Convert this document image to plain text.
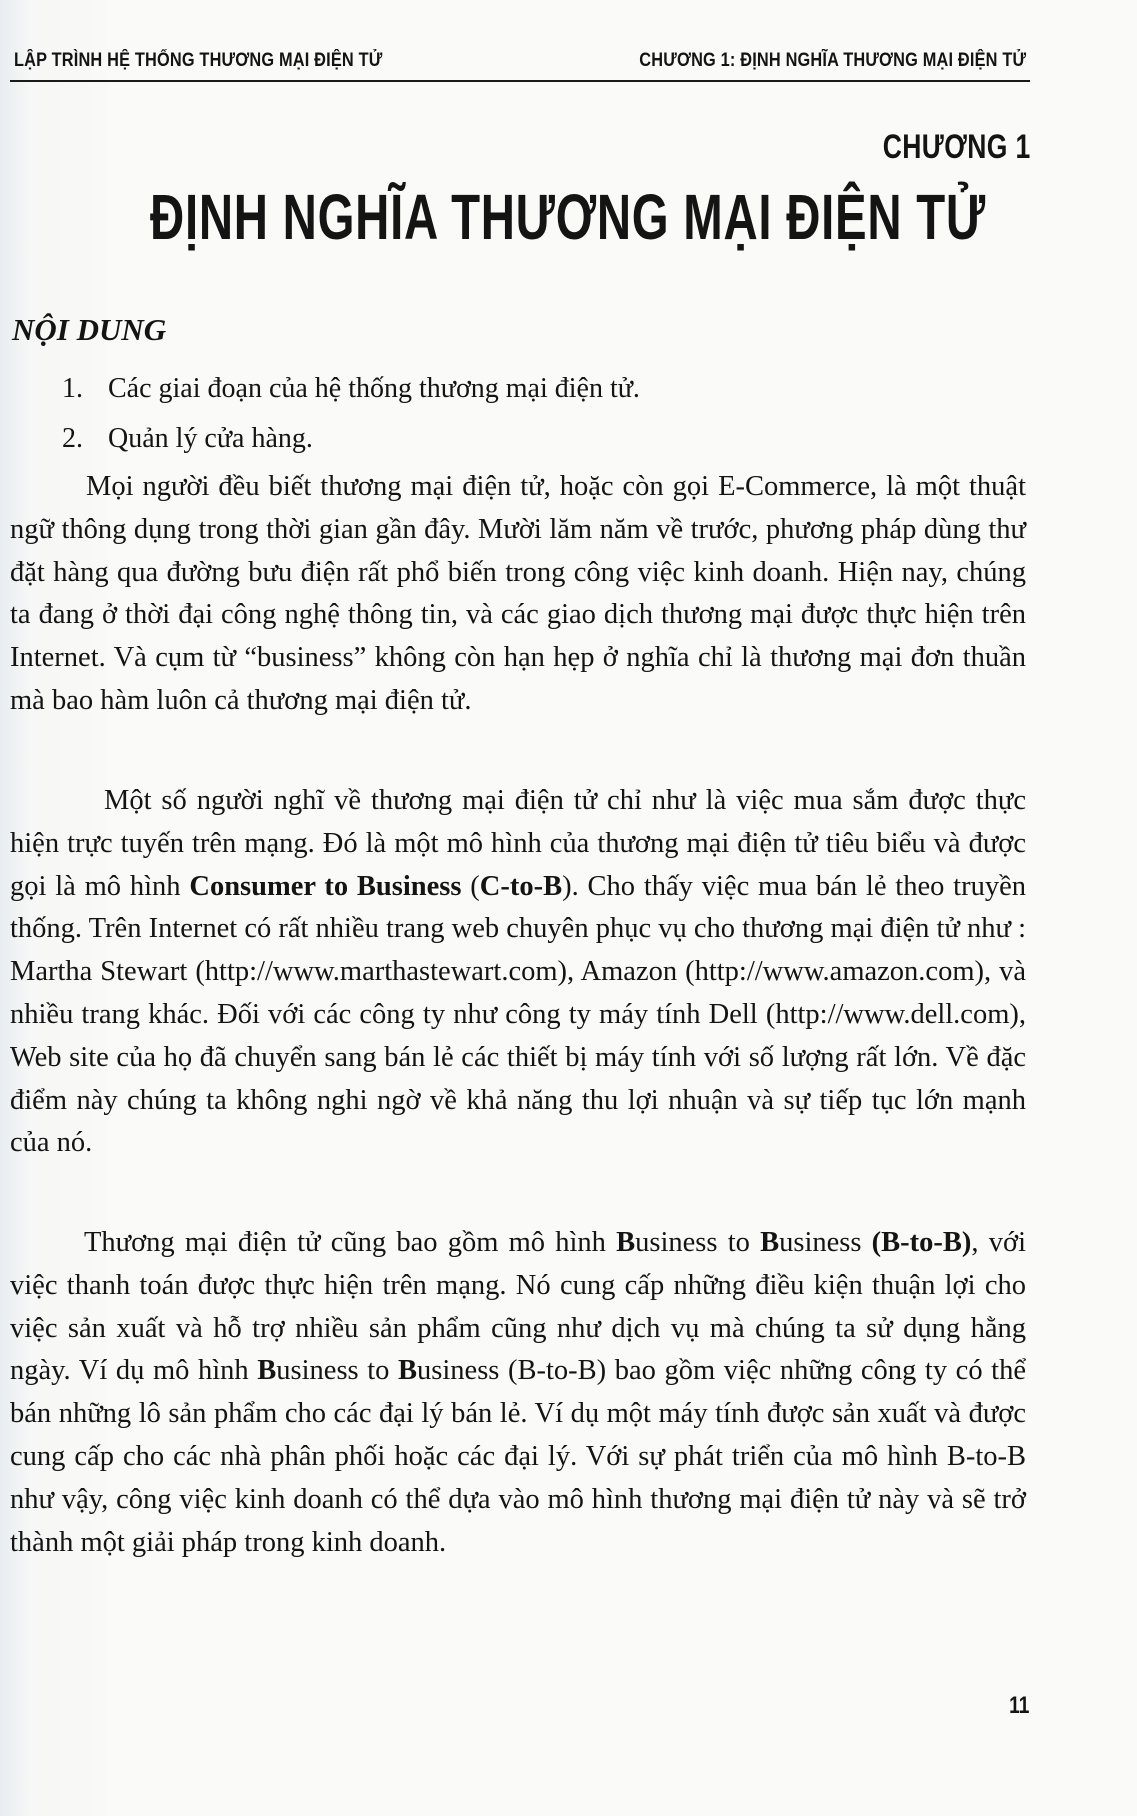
LẬP TRÌNH HỆ THỐNG THƯƠNG MẠI ĐIỆN TỬ	CHƯƠNG 1: ĐỊNH NGHĨA THƯƠNG MẠI ĐIỆN TỬ
CHƯƠNG 1
ĐỊNH NGHĨA THƯƠNG MẠI ĐIỆN TỬ
NỘI DUNG
1. Các giai đoạn của hệ thống thương mại điện tử.
2. Quản lý cửa hàng.

Mọi người đều biết thương mại điện tử, hoặc còn gọi E-Commerce, là một thuật ngữ thông dụng trong thời gian gần đây. Mười lăm năm về trước, phương pháp dùng thư đặt hàng qua đường bưu điện rất phổ biến trong công việc kinh doanh. Hiện nay, chúng ta đang ở thời đại công nghệ thông tin, và các giao dịch thương mại được thực hiện trên Internet. Và cụm từ “business” không còn hạn hẹp ở nghĩa chỉ là thương mại đơn thuần mà bao hàm luôn cả thương mại điện tử.

Một số người nghĩ về thương mại điện tử chỉ như là việc mua sắm được thực hiện trực tuyến trên mạng. Đó là một mô hình của thương mại điện tử tiêu biểu và được gọi là mô hình Consumer to Business (C-to-B). Cho thấy việc mua bán lẻ theo truyền thống. Trên Internet có rất nhiều trang web chuyên phục vụ cho thương mại điện tử như : Martha Stewart (http://www.marthastewart.com), Amazon (http://www.amazon.com), và nhiều trang khác. Đối với các công ty như công ty máy tính Dell (http://www.dell.com), Web site của họ đã chuyển sang bán lẻ các thiết bị máy tính với số lượng rất lớn. Về đặc điểm này chúng ta không nghi ngờ về khả năng thu lợi nhuận và sự tiếp tục lớn mạnh của nó.

Thương mại điện tử cũng bao gồm mô hình Business to Business (B-to-B), với việc thanh toán được thực hiện trên mạng. Nó cung cấp những điều kiện thuận lợi cho việc sản xuất và hỗ trợ nhiều sản phẩm cũng như dịch vụ mà chúng ta sử dụng hằng ngày. Ví dụ mô hình Business to Business (B-to-B) bao gồm việc những công ty có thể bán những lô sản phẩm cho các đại lý bán lẻ. Ví dụ một máy tính được sản xuất và được cung cấp cho các nhà phân phối hoặc các đại lý. Với sự phát triển của mô hình B-to-B như vậy, công việc kinh doanh có thể dựa vào mô hình thương mại điện tử này và sẽ trở thành một giải pháp trong kinh doanh.

11
